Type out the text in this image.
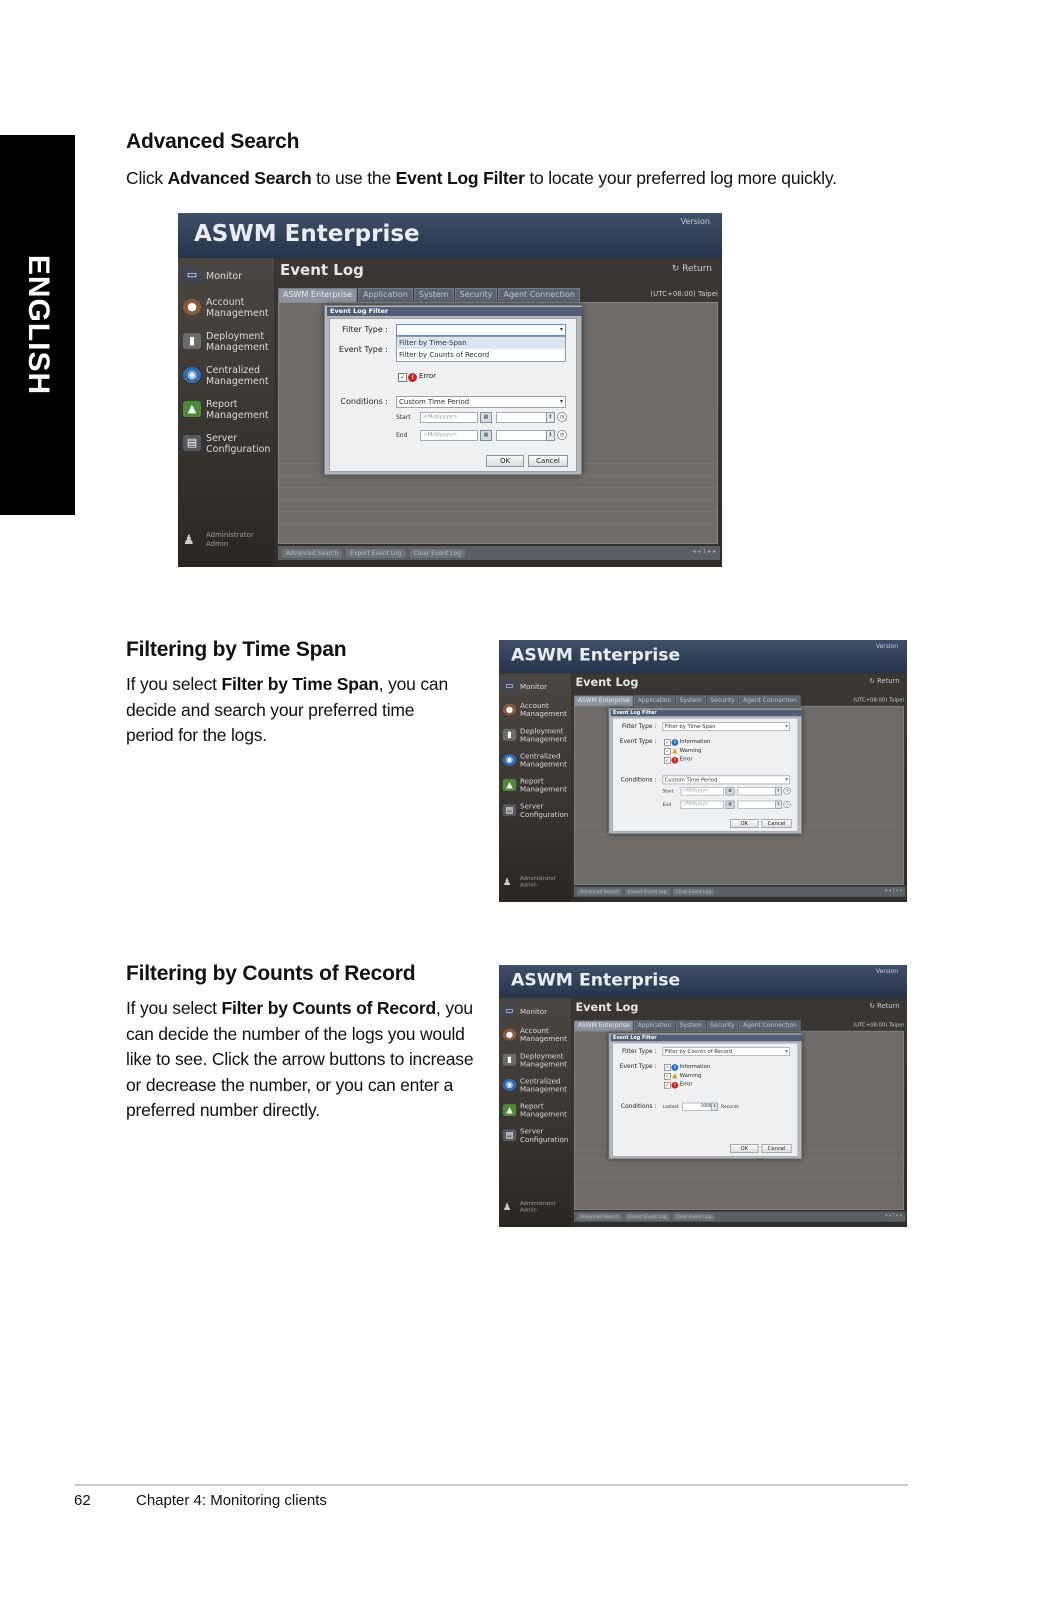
ENGLISH
Advanced Search

Click Advanced Search to use the Event Log Filter to locate your preferred log more quickly.

Filtering by Time Span

If you select Filter by Time Span, you can decide and search your preferred time period for the logs.

Filtering by Counts of Record

If you select Filter by Counts of Record, you can decide the number of the logs you would like to see. Click the arrow buttons to increase or decrease the number, or you can enter a preferred number directly.

ASWM Enterprise	Version
▭ Monitor
● Account
Management
▮	Deployment
Management
◉ Centralized
Management
▲	Report
Management
▤ Server
Configuration
♟	Administrator
Admin
Event Log	↻ Return
ASWM Enterprise	Application	System	Security	Agent Connection	(UTC+08:00) Taipei
Advanced Search	Export Event Log	Clear Event Log	◂ ◂ 1 ▸ ▸
Event Log Filter
Filter Type :	▾
Filter by Time-Span
Filter by Counts of Record
Event Type :
✓ ! Error
Conditions :	Custom Time Period	▾
Start	<M/d/yyyy>	▦	⇕	◷
End	<M/d/yyyy>	▦	⇕	◷
OK	Cancel
ASWM Enterprise	Version
▭ Monitor
● Account
Management
▮ Deployment
Management
◉ Centralized
Management
▲ Report
Management
▤ Server
Configuration
♟	Administrator
Admin
Event Log	↻ Return
ASWM Enterprise	Application	System	Security	Agent Connection	(UTC+08:00) Taipei
Advanced Search	Export Event Log	Clear Event Log	◂ ◂ 1 ▸ ▸
Event Log Filter
Filter Type :	Filter by Time-Span	▾
Event Type : ✓ i Information
✓ ▲ Warning
✓ ! Error
Conditions :	Custom Time Period	▾
Start	<M/d/yyyy>	▦	⇕	◷
End	<M/d/yyyy>	▦	⇕	◷
OK	Cancel
ASWM Enterprise	Version
▭ Monitor
● Account
Management
▮ Deployment
Management
◉ Centralized
Management
▲ Report
Management
▤ Server
Configuration
♟	Administrator
Admin
Event Log	↻ Return
ASWM Enterprise	Application	System	Security	Agent Connection	(UTC+08:00) Taipei
Advanced Search	Export Event Log	Clear Event Log	◂ ◂ 1 ▸ ▸
Event Log Filter
Filter Type :	Filter by Counts of Record	▾
Event Type : ✓ i Information
✓ ▲ Warning
✓ ! Error
Conditions : Lastest	1000 ⇕ Records
OK	Cancel
62	Chapter 4: Monitoring clients
